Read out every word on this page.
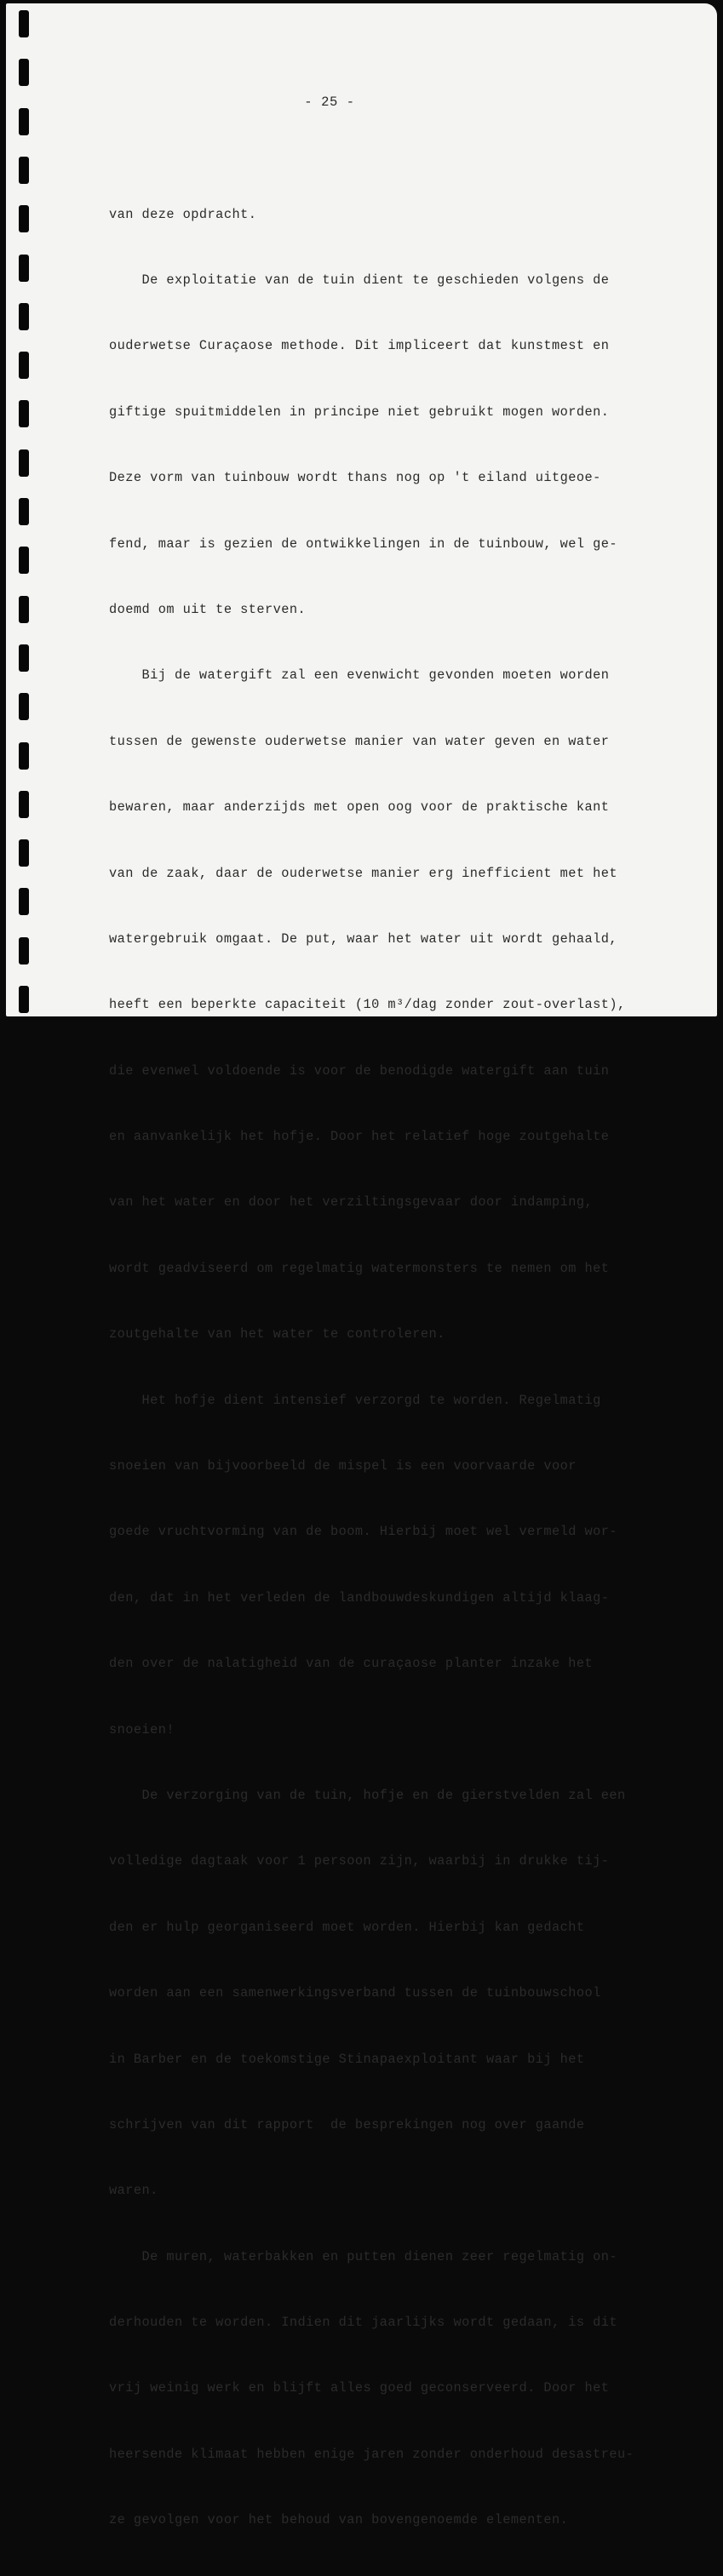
- 25 -

van deze opdracht.

De exploitatie van de tuin dient te geschieden volgens de

ouderwetse Curaçaose methode. Dit impliceert dat kunstmest en

giftige spuitmiddelen in principe niet gebruikt mogen worden.

Deze vorm van tuinbouw wordt thans nog op 't eiland uitgeoe-

fend, maar is gezien de ontwikkelingen in de tuinbouw, wel ge-

doemd om uit te sterven.

Bij de watergift zal een evenwicht gevonden moeten worden

tussen de gewenste ouderwetse manier van water geven en water

bewaren, maar anderzijds met open oog voor de praktische kant

van de zaak, daar de ouderwetse manier erg inefficient met het

watergebruik omgaat. De put, waar het water uit wordt gehaald,

heeft een beperkte capaciteit (10 m³/dag zonder zout-overlast),

die evenwel voldoende is voor de benodigde watergift aan tuin

en aanvankelijk het hofje. Door het relatief hoge zoutgehalte

van het water en door het verziltingsgevaar door indamping,

wordt geadviseerd om regelmatig watermonsters te nemen om het

zoutgehalte van het water te controleren.

Het hofje dient intensief verzorgd te worden. Regelmatig

snoeien van bijvoorbeeld de mispel is een voorvaarde voor

goede vruchtvorming van de boom. Hierbij moet wel vermeld wor-

den, dat in het verleden de landbouwdeskundigen altijd klaag-

den over de nalatigheid van de curaçaose planter inzake het

snoeien!

De verzorging van de tuin, hofje en de gierstvelden zal een

volledige dagtaak voor 1 persoon zijn, waarbij in drukke tij-

den er hulp georganiseerd moet worden. Hierbij kan gedacht

worden aan een samenwerkingsverband tussen de tuinbouwschool

in Barber en de toekomstige Stinapaexploitant waar bij het

schrijven van dit rapport  de besprekingen nog over gaande

waren.

De muren, waterbakken en putten dienen zeer regelmatig on-

derhouden te worden. Indien dit jaarlijks wordt gedaan, is dit

vrij weinig werk en blijft alles goed geconserveerd. Door het

heersende klimaat hebben enige jaren zonder onderhoud desastreu-

ze gevolgen voor het behoud van bovengenoemde elementen.
